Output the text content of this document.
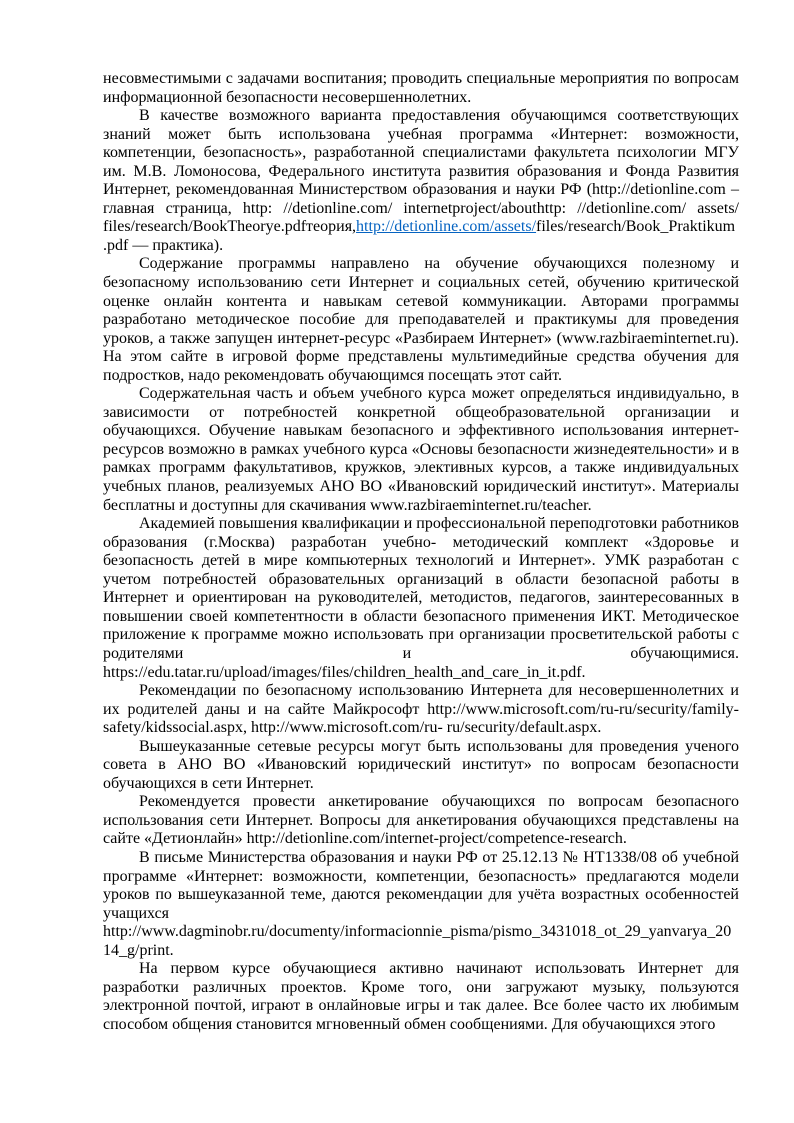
несовместимыми с задачами воспитания; проводить специальные мероприятия по вопросам информационной безопасности несовершеннолетних.

В качестве возможного варианта предоставления обучающимся соответствующих знаний может быть использована учебная программа «Интернет: возможности, компетенции, безопасность», разработанной специалистами факультета психологии МГУ им. М.В. Ломоносова, Федерального института развития образования и Фонда Развития Интернет, рекомендованная Министерством образования и науки РФ (http://detionline.com –главная страница, http: //detionline.com/ internetproject/abouthttp: //detionline.com/ assets/ files/research/BookTheorye.pdfтеория,http://detionline.com/assets/files/research/Book_Praktikum.pdf — практика).

Содержание программы направлено на обучение обучающихся полезному и безопасному использованию сети Интернет и социальных сетей, обучению критической оценке онлайн контента и навыкам сетевой коммуникации. Авторами программы разработано методическое пособие для преподавателей и практикумы для проведения уроков, а также запущен интернет-ресурс «Разбираем Интернет» (www.razbiraeminternet.ru). На этом сайте в игровой форме представлены мультимедийные средства обучения для подростков, надо рекомендовать обучающимся посещать этот сайт.

Содержательная часть и объем учебного курса может определяться индивидуально, в зависимости от потребностей конкретной общеобразовательной организации и обучающихся. Обучение навыкам безопасного и эффективного использования интернет-ресурсов возможно в рамках учебного курса «Основы безопасности жизнедеятельности» и в рамках программ факультативов, кружков, элективных курсов, а также индивидуальных учебных планов, реализуемых АНО ВО «Ивановский юридический институт». Материалы бесплатны и доступны для скачивания www.razbiraeminternet.ru/teacher.

Академией повышения квалификации и профессиональной переподготовки работников образования (г.Москва) разработан учебно- методический комплект «Здоровье и безопасность детей в мире компьютерных технологий и Интернет». УМК разработан с учетом потребностей образовательных организаций в области безопасной работы в Интернет и ориентирован на руководителей, методистов, педагогов, заинтересованных в повышении своей компетентности в области безопасного применения ИКТ. Методическое приложение к программе можно использовать при организации просветительской работы с родителями и обучающимися. https://edu.tatar.ru/upload/images/files/children_health_and_care_in_it.pdf.

Рекомендации по безопасному использованию Интернета для несовершеннолетних и их родителей даны и на сайте Майкрософт http://www.microsoft.com/ru-ru/security/family-safety/kidssocial.aspx, http://www.microsoft.com/ru- ru/security/default.aspx.

Вышеуказанные сетевые ресурсы могут быть использованы для проведения ученого совета в АНО ВО «Ивановский юридический институт» по вопросам безопасности обучающихся в сети Интернет.

Рекомендуется провести анкетирование обучающихся по вопросам безопасного использования сети Интернет. Вопросы для анкетирования обучающихся представлены на сайте «Детионлайн» http://detionline.com/internet-project/competence-research.

В письме Министерства образования и науки РФ от 25.12.13 № НТ1338/08 об учебной программе «Интернет: возможности, компетенции, безопасность» предлагаются модели уроков по вышеуказанной теме, даются рекомендации для учёта возрастных особенностей учащихся http://www.dagminobr.ru/documenty/informacionnie_pisma/pismo_3431018_ot_29_yanvarya_2014_g/print.

На первом курсе обучающиеся активно начинают использовать Интернет для разработки различных проектов. Кроме того, они загружают музыку, пользуются электронной почтой, играют в онлайновые игры и так далее. Все более часто их любимым способом общения становится мгновенный обмен сообщениями. Для обучающихся этого
